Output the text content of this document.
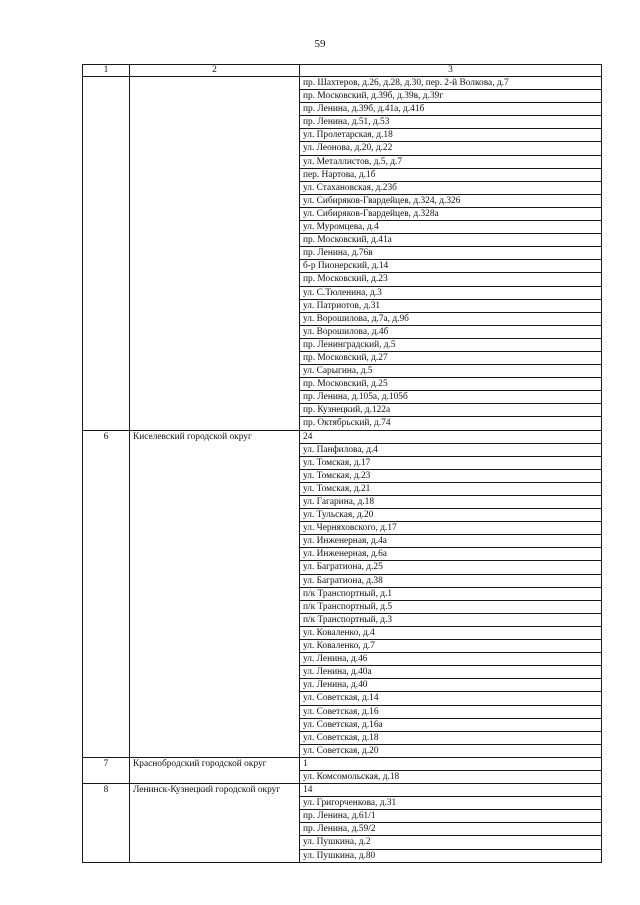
59
1	2	3
		пр. Шахтеров, д.26, д.28, д.30, пер. 2-й Волкова, д.7
		пр. Московский, д.39б, д.39в, д.39г
		пр. Ленина, д.39б, д.41а, д.41б
		пр. Ленина, д.51, д.53
		ул. Пролетарская, д.18
		ул. Леонова, д.20, д.22
		ул. Металлистов, д.5, д.7
		пер. Нартова, д.1б
		ул. Стахановская, д.23б
		ул. Сибиряков-Гвардейцев, д.324, д.326
		ул. Сибиряков-Гвардейцев, д.328а
		ул. Муромцева, д.4
		пр. Московский, д.41а
		пр. Ленина, д.76в
		б-р Пионерский, д.14
		пр. Московский, д.23
		ул. С.Тюленина, д.3
		ул. Патриотов, д.31
		ул. Ворошилова, д.7а, д.9б
		ул. Ворошилова, д.4б
		пр. Ленинградский, д.5
		пр. Московский, д.27
		ул. Сарыгина, д.5
		пр. Московский, д.25
		пр. Ленина, д.105а, д.105б
		пр. Кузнецкий, д.122а
		пр. Октябрьский, д.74
6	Киселевский городской округ	24
		ул. Панфилова, д.4
		ул. Томская, д.17
		ул. Томская, д.23
		ул. Томская, д.21
		ул. Гагарина, д.18
		ул. Тульская, д.20
		ул. Черняховского, д.17
		ул. Инженерная, д.4а
		ул. Инженерная, д.6а
		ул. Багратиона, д.25
		ул. Багратиона, д.38
		п/к Транспортный, д.1
		п/к Транспортный, д.5
		п/к Транспортный, д.3
		ул. Коваленко, д.4
		ул. Коваленко, д.7
		ул. Ленина, д.46
		ул. Ленина, д.40а
		ул. Ленина, д.40
		ул. Советская, д.14
		ул. Советская, д.16
		ул. Советская, д.16а
		ул. Советская, д.18
		ул. Советская, д.20
7	Краснобродский городской округ	1
		ул. Комсомольская, д.18
8	Ленинск-Кузнецкий городской округ	14
		ул. Григорченкова, д.31
		пр. Ленина, д.61/1
		пр. Ленина, д.59/2
		ул. Пушкина, д.2
		ул. Пушкина, д.80
